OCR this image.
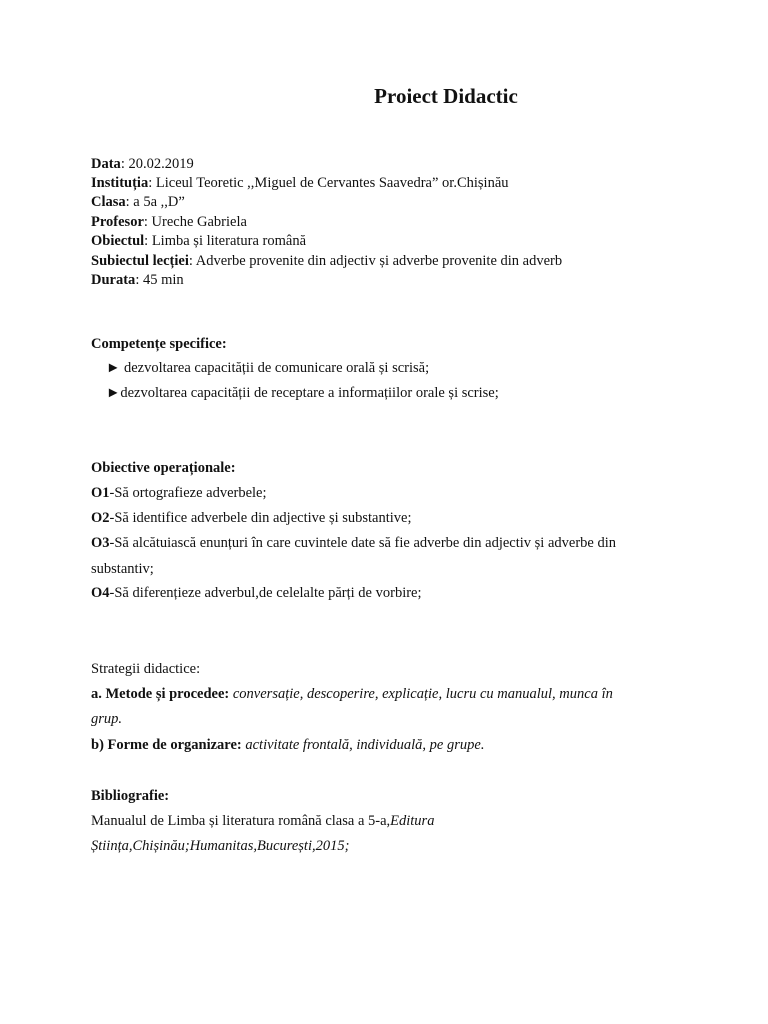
Proiect Didactic
Data: 20.02.2019
Instituția: Liceul Teoretic ,,Miguel de Cervantes Saavedra” or.Chișinău
Clasa: a 5a ,,D”
Profesor: Ureche Gabriela
Obiectul: Limba și literatura română
Subiectul lecției: Adverbe provenite din adjectiv și adverbe provenite din adverb
Durata: 45 min
Competențe specifice:
► dezvoltarea capacității de comunicare orală și scrisă;
►dezvoltarea capacității de receptare a informațiilor orale și scrise;
Obiective operaționale:
O1-Să ortografieze adverbele;
O2-Să identifice adverbele din adjective și substantive;
O3-Să alcătuiască enunțuri în care cuvintele date să fie adverbe din adjectiv și adverbe din
substantiv;
O4-Să diferențieze adverbul,de celelalte părți de vorbire;
Strategii didactice:
a. Metode și procedee: conversație, descoperire, explicație, lucru cu manualul, munca în
grup.
b) Forme de organizare: activitate frontală, individuală, pe grupe.
Bibliografie:
Manualul de Limba și literatura română clasa a 5-a,Editura
Știința,Chișinău;Humanitas,București,2015;
